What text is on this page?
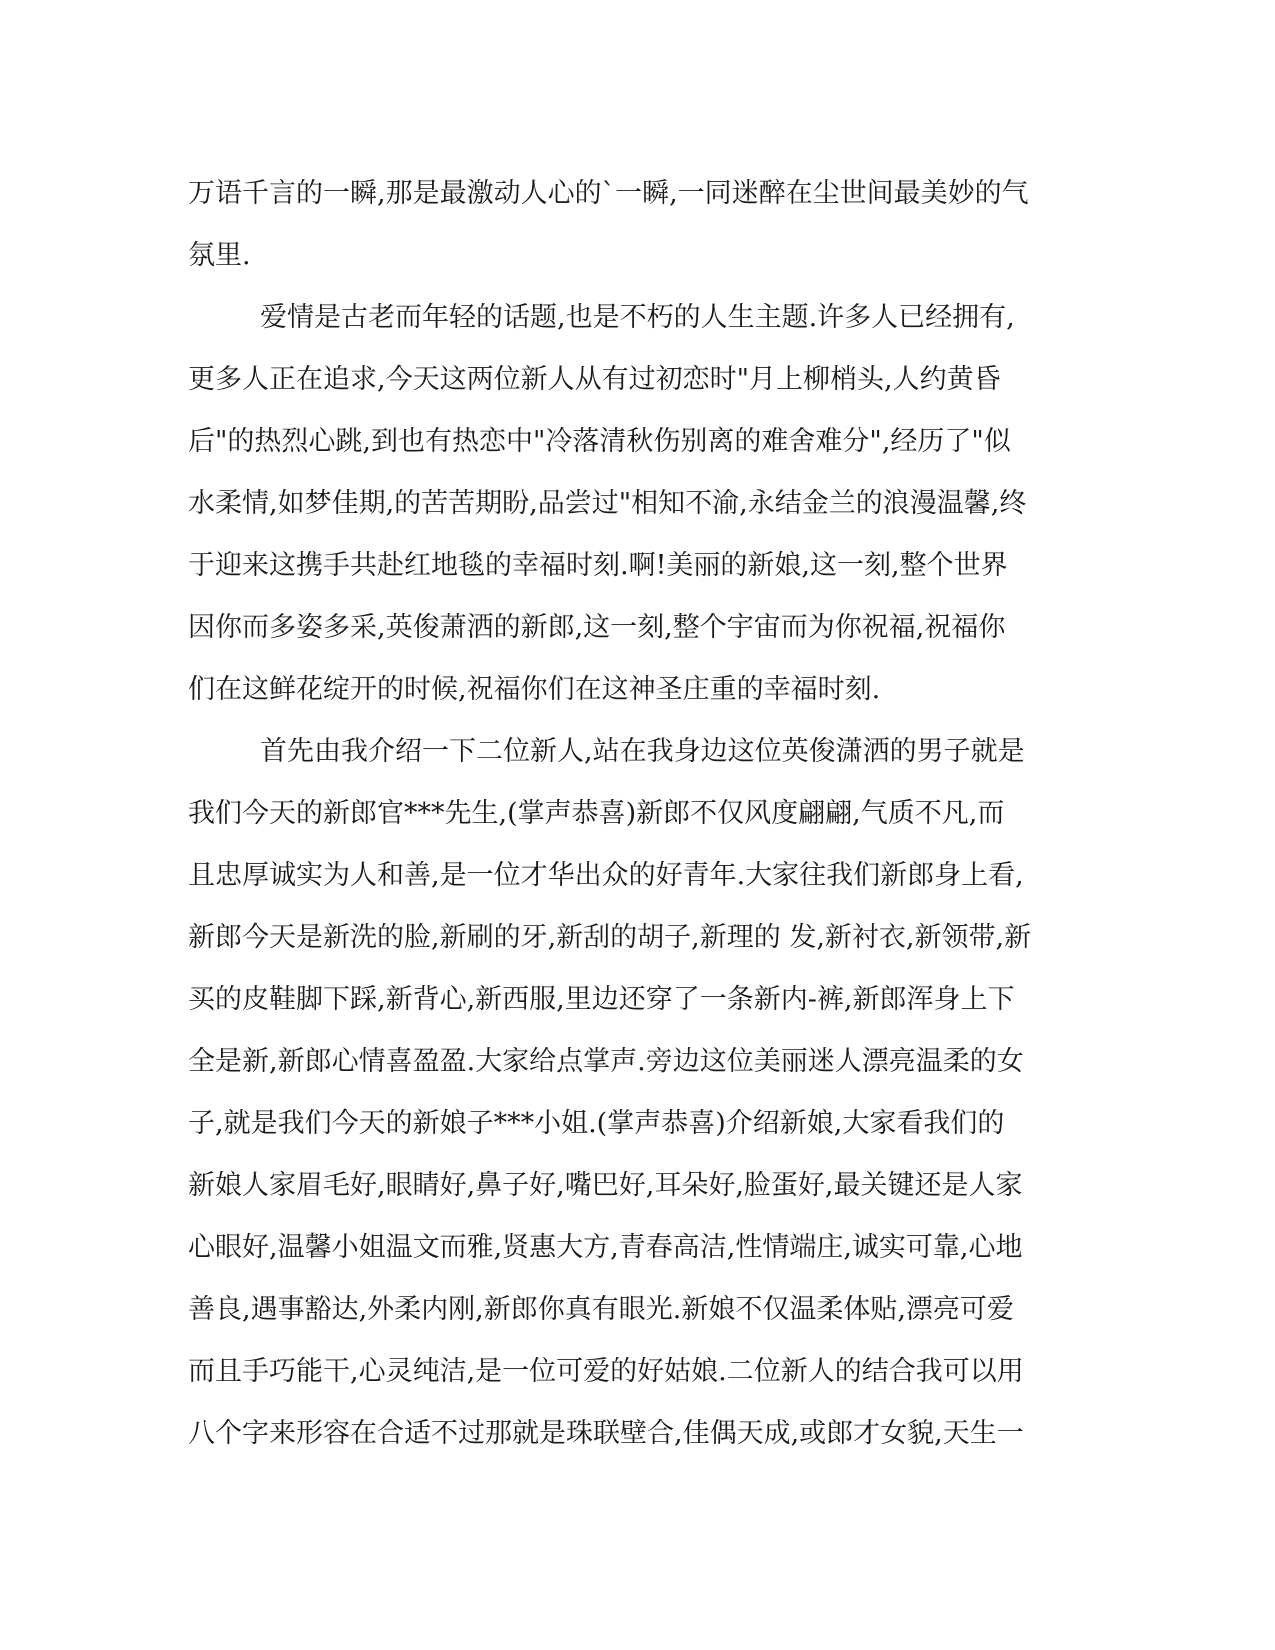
万语千言的一瞬,那是最激动人心的`一瞬,一同迷醉在尘世间最美妙的气
氛里.
爱情是古老而年轻的话题,也是不朽的人生主题.许多人已经拥有,
更多人正在追求,今天这两位新人从有过初恋时"月上柳梢头,人约黄昏
后"的热烈心跳,到也有热恋中"冷落清秋伤别离的难舍难分",经历了"似
水柔情,如梦佳期,的苦苦期盼,品尝过"相知不渝,永结金兰的浪漫温馨,终
于迎来这携手共赴红地毯的幸福时刻.啊!美丽的新娘,这一刻,整个世界
因你而多姿多采,英俊萧洒的新郎,这一刻,整个宇宙而为你祝福,祝福你
们在这鲜花绽开的时候,祝福你们在这神圣庄重的幸福时刻.
首先由我介绍一下二位新人,站在我身边这位英俊潇洒的男子就是
我们今天的新郎官***先生,(掌声恭喜)新郎不仅风度翩翩,气质不凡,而
且忠厚诚实为人和善,是一位才华出众的好青年.大家往我们新郎身上看,
新郎今天是新洗的脸,新刷的牙,新刮的胡子,新理的 发,新衬衣,新领带,新
买的皮鞋脚下踩,新背心,新西服,里边还穿了一条新内-裤,新郎浑身上下
全是新,新郎心情喜盈盈.大家给点掌声.旁边这位美丽迷人漂亮温柔的女
子,就是我们今天的新娘子***小姐.(掌声恭喜)介绍新娘,大家看我们的
新娘人家眉毛好,眼睛好,鼻子好,嘴巴好,耳朵好,脸蛋好,最关键还是人家
心眼好,温馨小姐温文而雅,贤惠大方,青春高洁,性情端庄,诚实可靠,心地
善良,遇事豁达,外柔内刚,新郎你真有眼光.新娘不仅温柔体贴,漂亮可爱
而且手巧能干,心灵纯洁,是一位可爱的好姑娘.二位新人的结合我可以用
八个字来形容在合适不过那就是珠联壁合,佳偶天成,或郎才女貌,天生一
